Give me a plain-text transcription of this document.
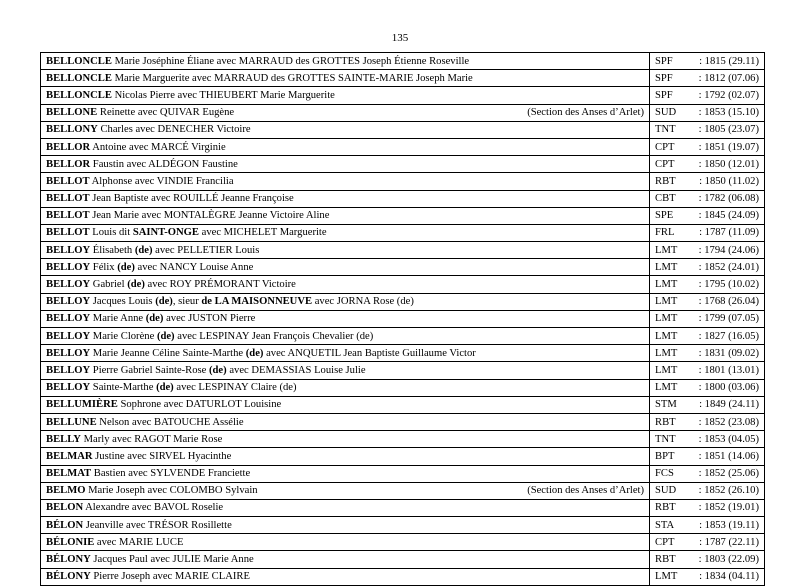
135
BELLONCLE Marie Joséphine Éliane avec MARRAUD des GROTTES Joseph Étienne Roseville	SPF : 1815 (29.11)

BELLONCLE Marie Marguerite avec MARRAUD des GROTTES SAINTE-MARIE Joseph Marie	SPF : 1812 (07.06)

BELLONCLE Nicolas Pierre avec THIEUBERT Marie Marguerite	SPF : 1792 (02.07)

(Section des Anses d’Arlet)
BELLONE Reinette avec QUIVAR Eugène	SUD : 1853 (15.10)

BELLONY Charles avec DENECHER Victoire	TNT : 1805 (23.07)

BELLOR Antoine avec MARCÉ Virginie	CPT : 1851 (19.07)

BELLOR Faustin avec ALDÉGON Faustine	CPT : 1850 (12.01)

BELLOT Alphonse avec VINDIE Francilia	RBT : 1850 (11.02)

BELLOT Jean Baptiste avec ROUILLÉ Jeanne Françoise	CBT : 1782 (06.08)

BELLOT Jean Marie avec MONTALÈGRE Jeanne Victoire Aline	SPE : 1845 (24.09)

BELLOT Louis dit SAINT-ONGE avec MICHELET Marguerite	FRL : 1787 (11.09)

BELLOY Élisabeth (de) avec PELLETIER Louis	LMT : 1794 (24.06)

BELLOY Félix (de) avec NANCY Louise Anne	LMT : 1852 (24.01)

BELLOY Gabriel (de) avec ROY PRÉMORANT Victoire	LMT : 1795 (10.02)

BELLOY Jacques Louis (de), sieur de LA MAISONNEUVE avec JORNA Rose (de)	LMT : 1768 (26.04)

BELLOY Marie Anne (de) avec JUSTON Pierre	LMT : 1799 (07.05)

BELLOY Marie Clorène (de) avec LESPINAY Jean François Chevalier (de)	LMT : 1827 (16.05)

BELLOY Marie Jeanne Céline Sainte-Marthe (de) avec ANQUETIL Jean Baptiste Guillaume Victor	LMT : 1831 (09.02)

BELLOY Pierre Gabriel Sainte-Rose (de) avec DEMASSIAS Louise Julie	LMT : 1801 (13.01)

BELLOY Sainte-Marthe (de) avec LESPINAY Claire (de)	LMT : 1800 (03.06)

BELLUMIÈRE Sophrone avec DATURLOT Louisine	STM : 1849 (24.11)

BELLUNE Nelson avec BATOUCHE Assélie	RBT : 1852 (23.08)

BELLY Marly avec RAGOT Marie Rose	TNT : 1853 (04.05)

BELMAR Justine avec SIRVEL Hyacinthe	BPT : 1851 (14.06)

BELMAT Bastien avec SYLVENDE Franciette	FCS : 1852 (25.06)

(Section des Anses d’Arlet)
BELMO Marie Joseph avec COLOMBO Sylvain	SUD : 1852 (26.10)

BELON Alexandre avec BAVOL Roselie	RBT : 1852 (19.01)

BÉLON Jeanville avec TRÉSOR Rosillette	STA : 1853 (19.11)

BÉLONIE avec MARIE LUCE	CPT : 1787 (22.11)

BÉLONY Jacques Paul avec JULIE Marie Anne	RBT : 1803 (22.09)

BÉLONY Pierre Joseph avec MARIE CLAIRE	LMT : 1834 (04.11)
